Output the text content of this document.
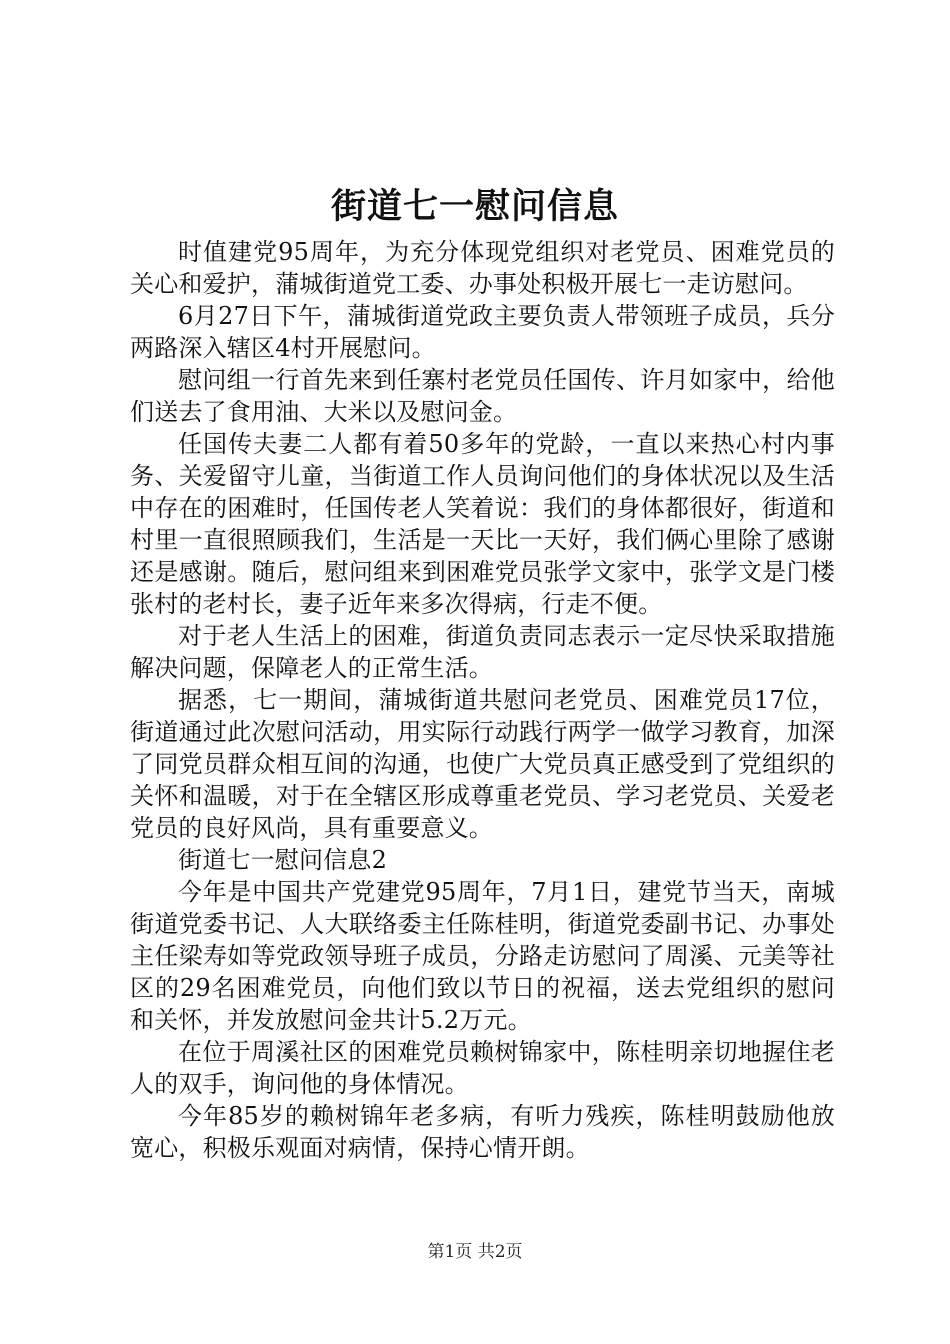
街道七一慰问信息

时值建党95周年，为充分体现党组织对老党员、困难党员的关心和爱护，蒲城街道党工委、办事处积极开展七一走访慰问。

6月27日下午，蒲城街道党政主要负责人带领班子成员，兵分两路深入辖区4村开展慰问。

慰问组一行首先来到任寨村老党员任国传、许月如家中，给他们送去了食用油、大米以及慰问金。

任国传夫妻二人都有着50多年的党龄，一直以来热心村内事务、关爱留守儿童，当街道工作人员询问他们的身体状况以及生活中存在的困难时，任国传老人笑着说：我们的身体都很好，街道和村里一直很照顾我们，生活是一天比一天好，我们俩心里除了感谢还是感谢。随后，慰问组来到困难党员张学文家中，张学文是门楼张村的老村长，妻子近年来多次得病，行走不便。

对于老人生活上的困难，街道负责同志表示一定尽快采取措施解决问题，保障老人的正常生活。

据悉，七一期间，蒲城街道共慰问老党员、困难党员17位，街道通过此次慰问活动，用实际行动践行两学一做学习教育，加深了同党员群众相互间的沟通，也使广大党员真正感受到了党组织的关怀和温暖，对于在全辖区形成尊重老党员、学习老党员、关爱老党员的良好风尚，具有重要意义。

街道七一慰问信息2

今年是中国共产党建党95周年，7月1日，建党节当天，南城街道党委书记、人大联络委主任陈桂明，街道党委副书记、办事处主任梁寿如等党政领导班子成员，分路走访慰问了周溪、元美等社区的29名困难党员，向他们致以节日的祝福，送去党组织的慰问和关怀，并发放慰问金共计5.2万元。

在位于周溪社区的困难党员赖树锦家中，陈桂明亲切地握住老人的双手，询问他的身体情况。

今年85岁的赖树锦年老多病，有听力残疾，陈桂明鼓励他放宽心，积极乐观面对病情，保持心情开朗。

第1页 共2页
